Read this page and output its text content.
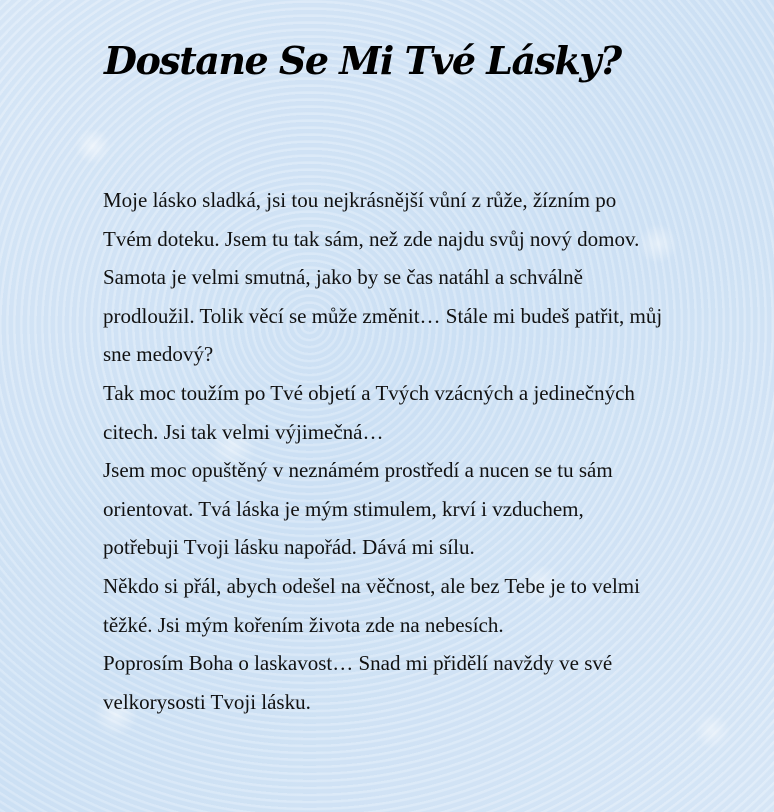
Dostane Se Mi Tvé Lásky?

Moje lásko sladká, jsi tou nejkrásnější vůní z růže, žízním po Tvém doteku. Jsem tu tak sám, než zde najdu svůj nový domov. Samota je velmi smutná, jako by se čas natáhl a schválně prodloužil. Tolik věcí se může změnit… Stále mi budeš patřit, můj sne medový?

Tak moc toužím po Tvé objetí a Tvých vzácných a jedinečných citech. Jsi tak velmi výjimečná…

Jsem moc opuštěný v neznámém prostředí a nucen se tu sám orientovat. Tvá láska je mým stimulem, krví i vzduchem, potřebuji Tvoji lásku napořád. Dává mi sílu.

Někdo si přál, abych odešel na věčnost, ale bez Tebe je to velmi těžké. Jsi mým kořením života zde na nebesích.

Poprosím Boha o laskavost… Snad mi přidělí navždy ve své velkorysosti Tvoji lásku.
